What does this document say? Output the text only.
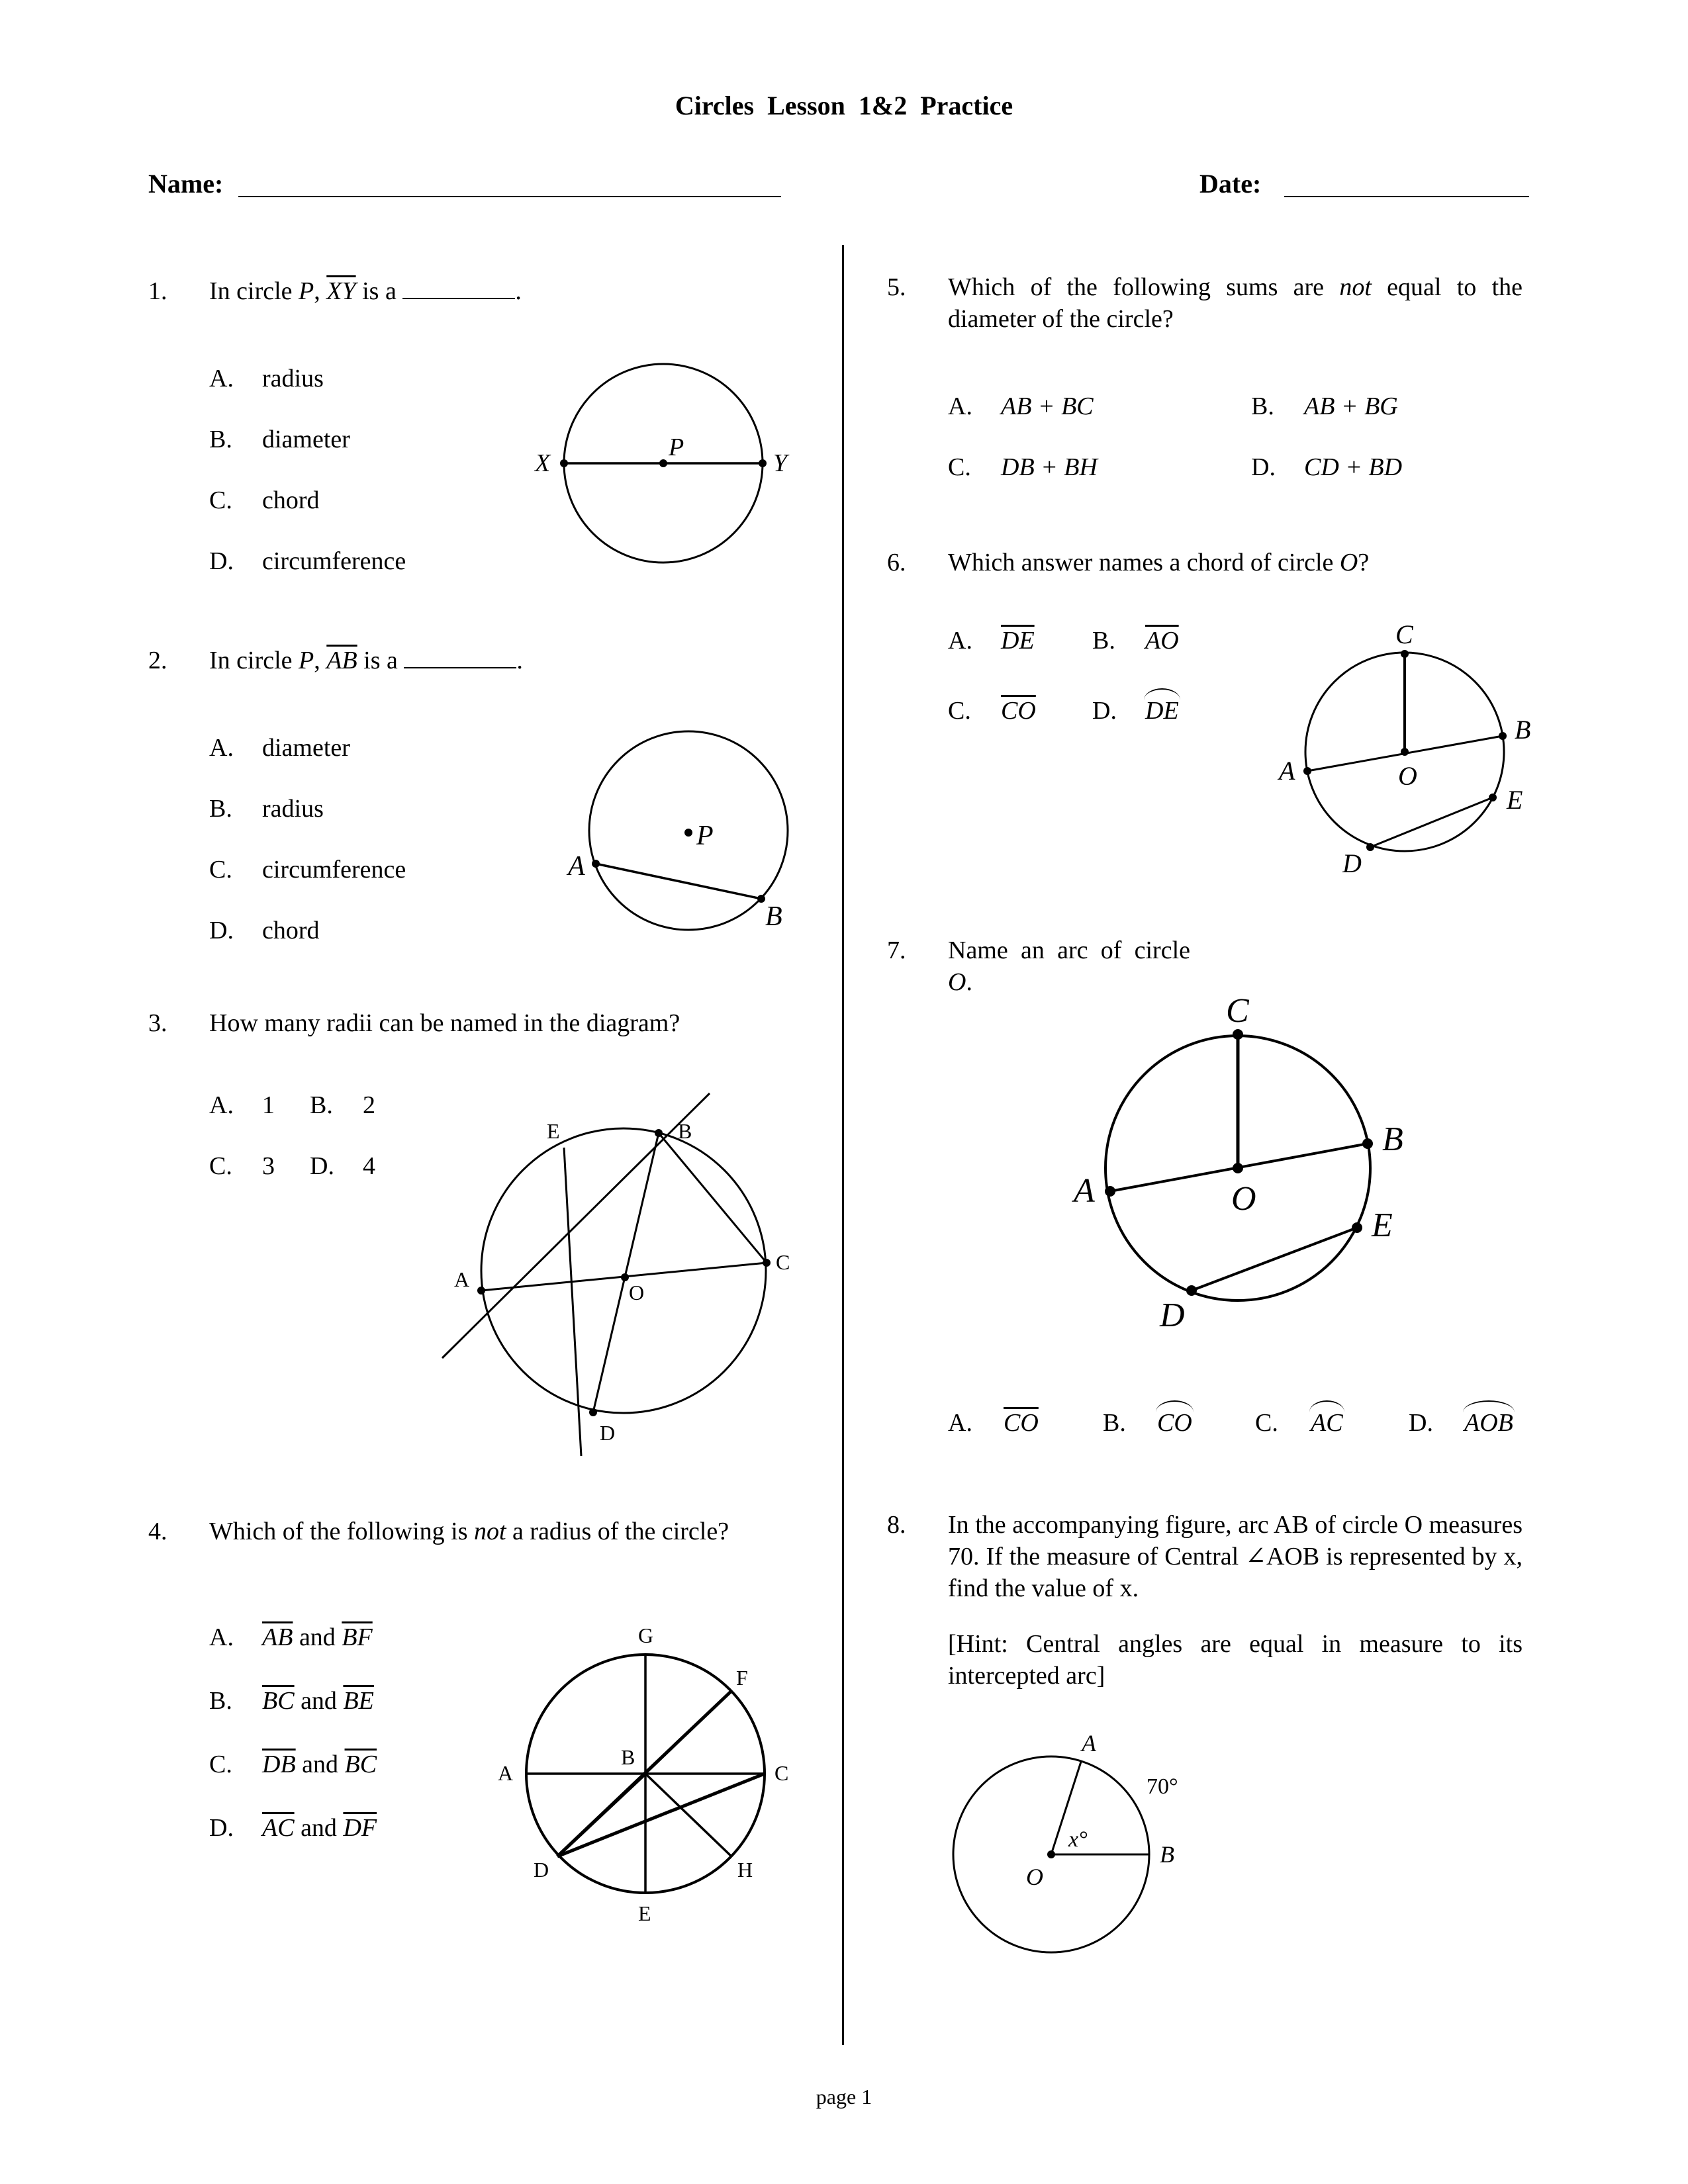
Circles Lesson 1&2 Practice
Name:	Date:
1. In circle P, $\overline{XY}$ is a	.
A. radius
B. diameter
C. chord
D. circumference
X
P
Y
2. In circle P, $\overline{AB}$ is a	.
A. diameter
B. radius
C. circumference
D. chord
P
A
B
3. How many radii can be named in the diagram?
A. 1 B. 2
C. 3 D. 4
E	B
A
O
C
D
4. Which of the following is not a radius of the circle?
A. $\overline{AB}$ and $\overline{BF}$
B. $\overline{BC}$ and $\overline{BE}$
C. $\overline{DB}$ and $\overline{BC}$
D. $\overline{AC}$ and $\overline{DF}$
G
F
A
B
C
D	H
E
5. Which of the following sums are not equal to the diameter of the circle?
A. AB + BC	B. AB + BG
C. DB + BH	D. CD + BD
6. Which answer names a chord of circle O?
A. $\overline{DE}$ B. $\overline{AO}$
C. $\overline{CO}$ D. DE
C
B
A	O
E
D
7. Name an arc of circle O.
C
B
A	O
E
D
A. $\overline{CO}$	B. CO	C. AC	D. AOB
8. In the accompanying figure, arc AB of circle O measures 70. If the measure of Central ∠AOB is represented by x, find the value of x.
[Hint: Central angles are equal in measure to its intercepted arc]
A
70°
x°
O
B
page 1
